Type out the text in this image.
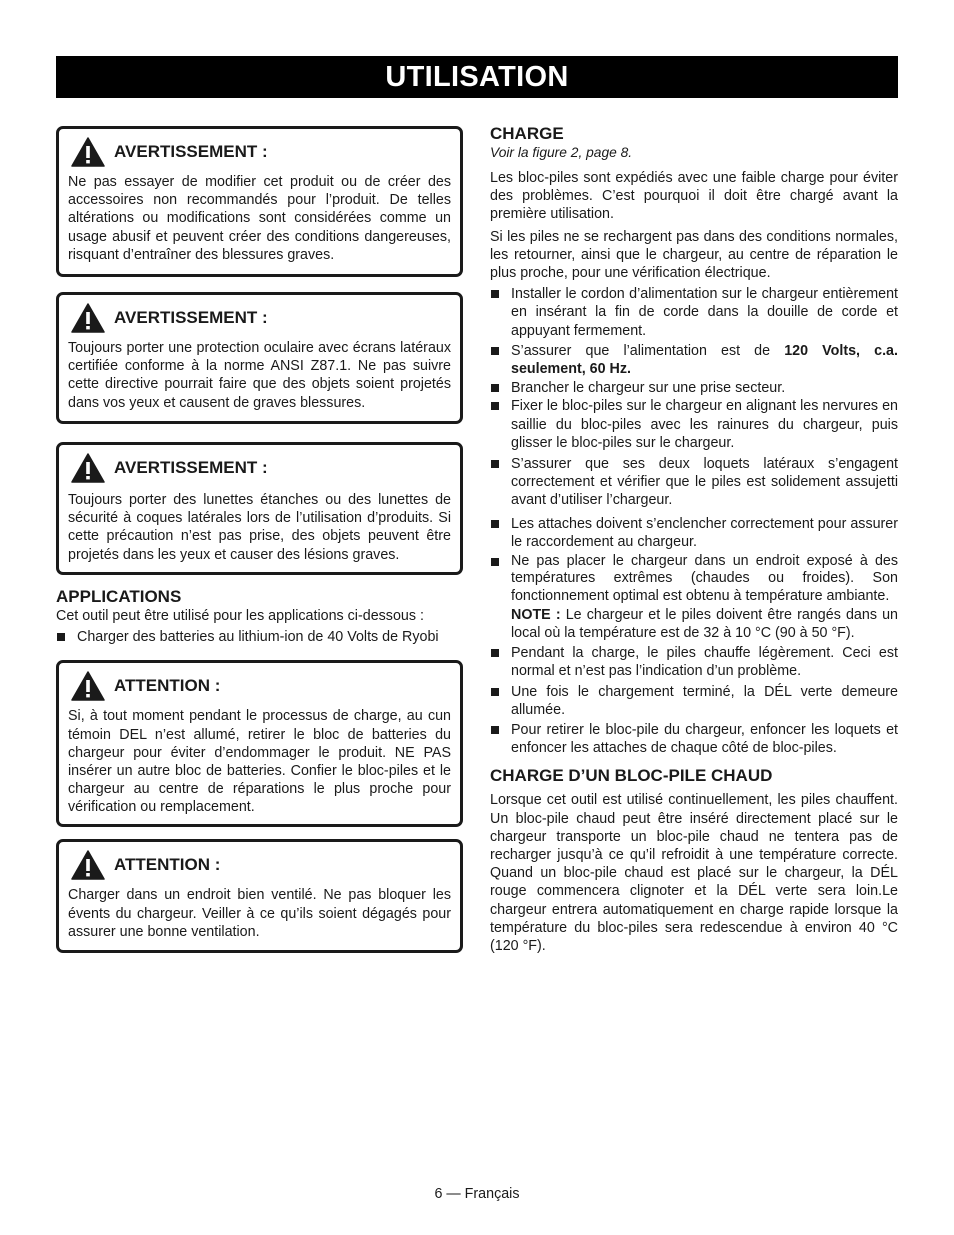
UTILISATION
AVERTISSEMENT :

Ne pas essayer de modifier cet produit ou de créer des accessoires non recommandés pour l’produit. De telles altérations ou modifications sont considérées comme un usage abusif et peuvent créer des conditions dangereuses, risquant d’entraîner des blessures graves.

AVERTISSEMENT :

Toujours porter une protection oculaire avec écrans latéraux certifiée conforme à la norme ANSI Z87.1. Ne pas suivre cette directive pourrait faire que des objets soient projetés dans vos yeux et causent de graves blessures.

AVERTISSEMENT :

Toujours porter des lunettes étanches ou des lunettes de sécurité à coques latérales lors de l’utilisation d’produits. Si cette précaution n’est pas prise, des objets peuvent être projetés dans les yeux et causer des lésions graves.

APPLICATIONS

Cet outil peut être utilisé pour les applications ci-dessous :

Charger des batteries au lithium-ion de 40 Volts de Ryobi
ATTENTION :

Si, à tout moment pendant le processus de charge, au cun témoin DEL n’est allumé, retirer le bloc de batteries du chargeur pour éviter d’endommager le produit. NE PAS insérer un autre bloc de batteries. Confier le bloc-piles et le chargeur au centre de réparations le plus proche pour vérification ou remplacement.

ATTENTION :

Charger dans un endroit bien ventilé. Ne pas bloquer les évents du chargeur. Veiller à ce qu’ils soient dégagés pour assurer une bonne ventilation.

CHARGE

Voir la figure 2, page 8.

Les bloc-piles sont expédiés avec une faible charge pour éviter des problèmes. C’est pourquoi il doit être chargé avant la première utilisation.

Si les piles ne se rechargent pas dans des conditions normales, les retourner, ainsi que le chargeur, au centre de réparation le plus proche, pour une vérification électrique.

Installer le cordon d’alimentation sur le chargeur entièrement en insérant la fin de corde dans la douille de corde et appuyant fermement.
S’assurer que l’alimentation est de 120 Volts, c.a. seulement, 60 Hz.
Brancher le chargeur sur une prise secteur.
Fixer le bloc-piles sur le chargeur en alignant les nervures en saillie du bloc-piles avec les rainures du chargeur, puis glisser le bloc-piles sur le chargeur.
S’assurer que ses deux loquets latéraux s’engagent correctement et vérifier que le piles est solidement assujetti avant d’utiliser l’chargeur.
Les attaches doivent s’enclencher correctement pour assurer le raccordement au chargeur.
Ne pas placer le chargeur dans un endroit exposé à des températures extrêmes (chaudes ou froides). Son fonctionnement optimal est obtenu à température ambiante.

NOTE : Le chargeur et le piles doivent être rangés dans un local où la température est de 32 à 10 °C (90 à 50 °F).

Pendant la charge, le piles chauffe légèrement. Ceci est normal et n’est pas l’indication d’un problème.
Une fois le chargement terminé, la DÉL verte demeure allumée.
Pour retirer le bloc-pile du chargeur, enfoncer les loquets et enfoncer les attaches de chaque côté de bloc-piles.
CHARGE D’UN BLOC-PILE CHAUD

Lorsque cet outil est utilisé continuellement, les piles chauffent. Un bloc-pile chaud peut être inséré directement placé sur le chargeur transporte un bloc-pile chaud ne tentera pas de recharger jusqu’à ce qu’il refroidit à une température correcte. Quand un bloc-pile chaud est placé sur le chargeur, la DÉL rouge commencera clignoter et la DÉL verte sera loin.Le chargeur entrera automatiquement en charge rapide lorsque la température du bloc-piles sera redescendue à environ 40 °C (120 °F).

6 — Français
